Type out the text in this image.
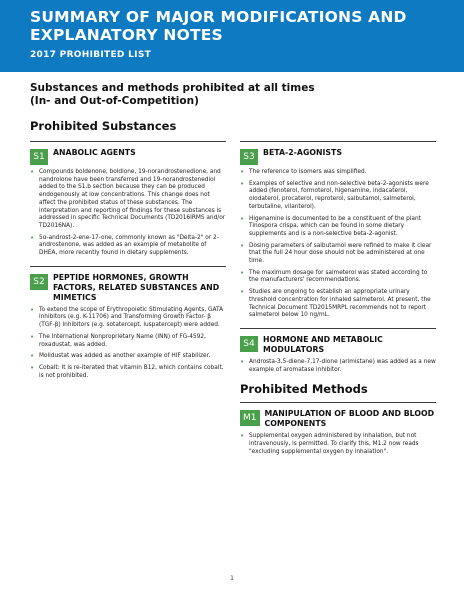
SUMMARY OF MAJOR MODIFICATIONS AND EXPLANATORY NOTES
2017 PROHIBITED LIST
Substances and methods prohibited at all times
(In- and Out-of-Competition)
Prohibited Substances
S1	ANABOLIC AGENTS
• Compounds boldenone, boldione, 19-norandrostenedione, and nandrolone have been transferred and 19-norandrostenediol added to the S1.b section because they can be produced endogenously at low concentrations. This change does not affect the prohibited status of these substances. The interpretation and reporting of findings for these substances is addressed in specific Technical Documents (TD2016IRMS and/or TD2016NA).
• 5α-androst-2-ene-17-one, commonly known as "Delta-2" or 2-androstenone, was added as an example of metabolite of DHEA, more recently found in dietary supplements.
S2	PEPTIDE HORMONES, GROWTH FACTORS, RELATED SUBSTANCES AND MIMETICS
• To extend the scope of Erythropoietic Stimulating Agents, GATA inhibitors (e.g. K-11706) and Transforming Growth Factor- β (TGF-β) inhibitors (e.g. sotatercept, luspatercept) were added.
• The International Nonproprietary Name (INN) of FG-4592, roxadustat, was added.
• Molidustat was added as another example of HIF stabilizer.
• Cobalt: It is re-iterated that vitamin B12, which contains cobalt, is not prohibited.
S3	BETA-2-AGONISTS
• The reference to isomers was simplified.
• Examples of selective and non-selective beta-2-agonists were added (fenoterol, formoterol, higenamine, indacaterol, olodaterol, procaterol, reproterol, salbutamol, salmeterol, terbutaline, vilanterol).
• Higenamine is documented to be a constituent of the plant Tinospora crispa, which can be found in some dietary supplements and is a non-selective beta-2-agonist.
• Dosing parameters of salbutamol were refined to make it clear that the full 24 hour dose should not be administered at one time.
• The maximum dosage for salmeterol was stated according to the manufacturers' recommendations.
• Studies are ongoing to establish an appropriate urinary threshold concentration for inhaled salmeterol. At present, the Technical Document TD2015MRPL recommends not to report salmeterol below 10 ng/mL.
S4	HORMONE AND METABOLIC MODULATORS
• Androsta-3,5-diene-7,17-dione (arimistane) was added as a new example of aromatase inhibitor.
Prohibited Methods
M1	MANIPULATION OF BLOOD AND BLOOD COMPONENTS
• Supplemental oxygen administered by inhalation, but not intravenously, is permitted. To clarify this, M1.2 now reads "excluding supplemental oxygen by inhalation".
1
